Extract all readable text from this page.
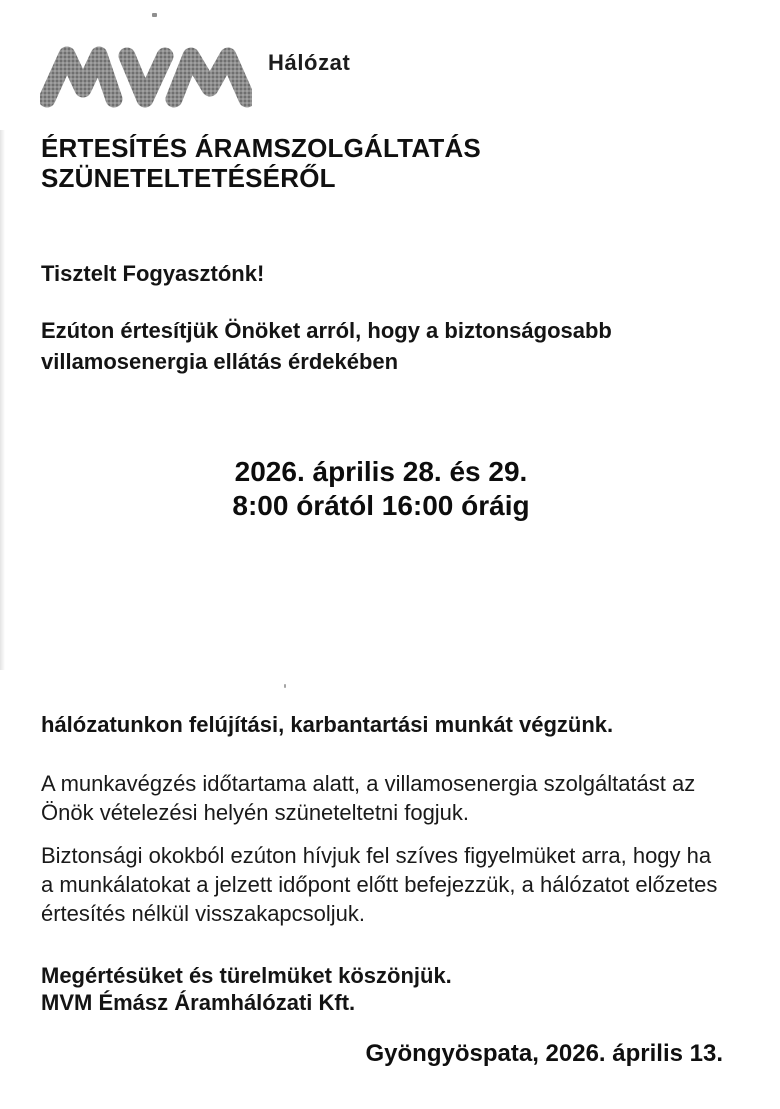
Hálózat
ÉRTESÍTÉS ÁRAMSZOLGÁLTATÁS
SZÜNETELTETÉSÉRŐL
Tisztelt Fogyasztónk!
Ezúton értesítjük Önöket arról, hogy a biztonságosabb
villamosenergia ellátás érdekében
2026. április 28. és 29.
8:00 órától 16:00 óráig
hálózatunkon felújítási, karbantartási munkát végzünk.
A munkavégzés időtartama alatt, a villamosenergia szolgáltatást az
Önök vételezési helyén szüneteltetni fogjuk.
Biztonsági okokból ezúton hívjuk fel szíves figyelmüket arra, hogy ha
a munkálatokat a jelzett időpont előtt befejezzük, a hálózatot előzetes
értesítés nélkül visszakapcsoljuk.
Megértésüket és türelmüket köszönjük.
MVM Émász Áramhálózati Kft.
Gyöngyöspata, 2026. április 13.
